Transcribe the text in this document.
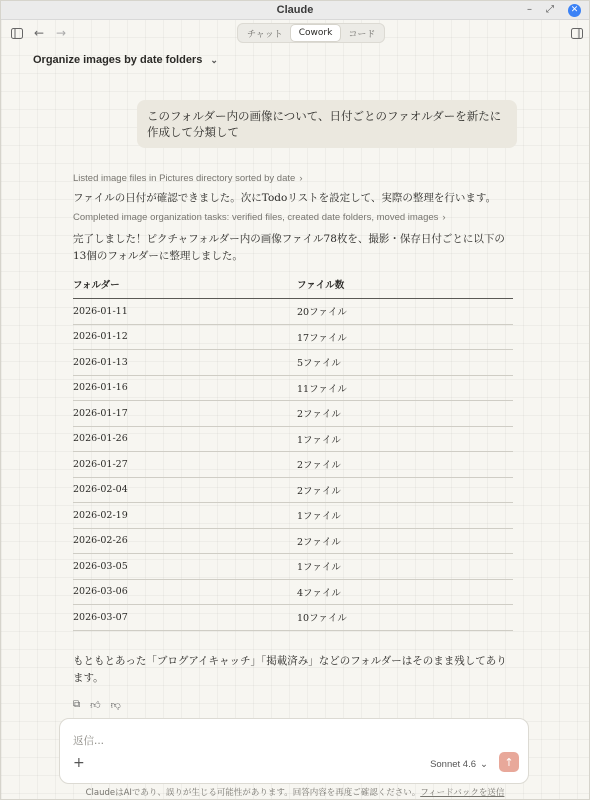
Claude	– ⤢	✕
← →	チャット	Cowork	コード
Organize images by date folders ⌄
このフォルダー内の画像について、日付ごとのファオルダーを新たに作成して分類して
Listed image files in Pictures directory sorted by date ›
ファイルの日付が確認できました。次にTodoリストを設定して、実際の整理を行います。
Completed image organization tasks: verified files, created date folders, moved images ›
完了しました！ピクチャフォルダー内の画像ファイル78枚を、撮影・保存日付ごとに以下の13個のフォルダーに整理しました。
フォルダー	ファイル数
2026-01-11	20ファイル
2026-01-12	17ファイル
2026-01-13	5ファイル
2026-01-16	11ファイル
2026-01-17	2ファイル
2026-01-26	1ファイル
2026-01-27	2ファイル
2026-02-04	2ファイル
2026-02-19	1ファイル
2026-02-26	2ファイル
2026-03-05	1ファイル
2026-03-06	4ファイル
2026-03-07	10ファイル
もともとあった「ブログアイキャッチ」「掲載済み」などのフォルダーはそのまま残してあります。
⧉ 👍︎ 👎︎
返信...
+	Sonnet 4.6 ⌄ ↑
ClaudeはAIであり、誤りが生じる可能性があります。回答内容を再度ご確認ください。フィードバックを送信
